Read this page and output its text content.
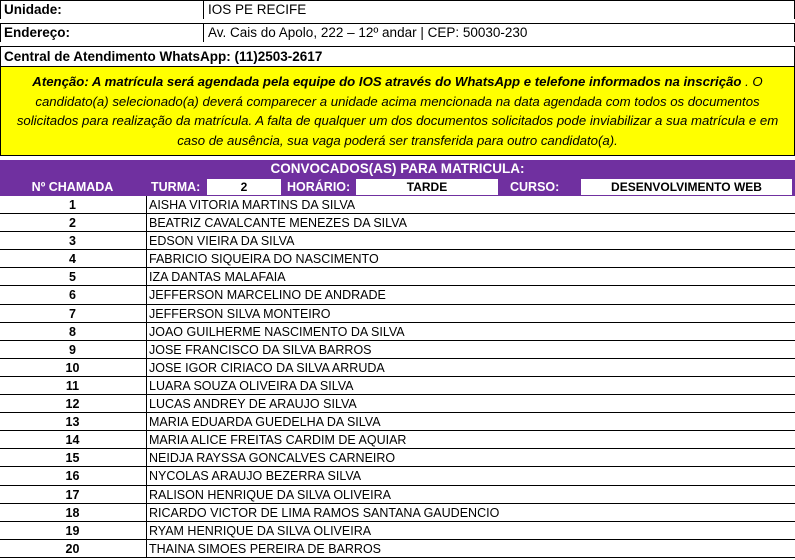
Unidade:	IOS PE RECIFE
Endereço:	Av. Cais do Apolo, 222 – 12º andar | CEP: 50030-230
Central de Atendimento WhatsApp: (11)2503-2617
Atenção: A matrícula será agendada pela equipe do IOS através do WhatsApp e telefone informados na inscrição . O candidato(a) selecionado(a) deverá comparecer a unidade acima mencionada na data agendada com todos os documentos solicitados para realização da matrícula. A falta de qualquer um dos documentos solicitados pode inviabilizar a sua matrícula e em caso de ausência, sua vaga poderá ser transferida para outro candidato(a).
CONVOCADOS(AS) PARA MATRICULA:
Nº CHAMADA	TURMA:	2	HORÁRIO:	TARDE	CURSO:	DESENVOLVIMENTO WEB
1	AISHA VITORIA MARTINS DA SILVA
2	BEATRIZ CAVALCANTE MENEZES DA SILVA
3	EDSON VIEIRA DA SILVA
4	FABRICIO SIQUEIRA DO NASCIMENTO
5	IZA DANTAS MALAFAIA
6	JEFFERSON MARCELINO DE ANDRADE
7	JEFFERSON SILVA MONTEIRO
8	JOAO GUILHERME NASCIMENTO DA SILVA
9	JOSE FRANCISCO DA SILVA BARROS
10	JOSE IGOR CIRIACO DA SILVA ARRUDA
11	LUARA SOUZA OLIVEIRA DA SILVA
12	LUCAS ANDREY DE ARAUJO SILVA
13	MARIA EDUARDA GUEDELHA DA SILVA
14	MARIA ALICE FREITAS CARDIM DE AQUIAR
15	NEIDJA RAYSSA GONCALVES CARNEIRO
16	NYCOLAS ARAUJO BEZERRA SILVA
17	RALISON HENRIQUE DA SILVA OLIVEIRA
18	RICARDO VICTOR DE LIMA RAMOS SANTANA GAUDENCIO
19	RYAM HENRIQUE DA SILVA OLIVEIRA
20	THAINA SIMOES PEREIRA DE BARROS
